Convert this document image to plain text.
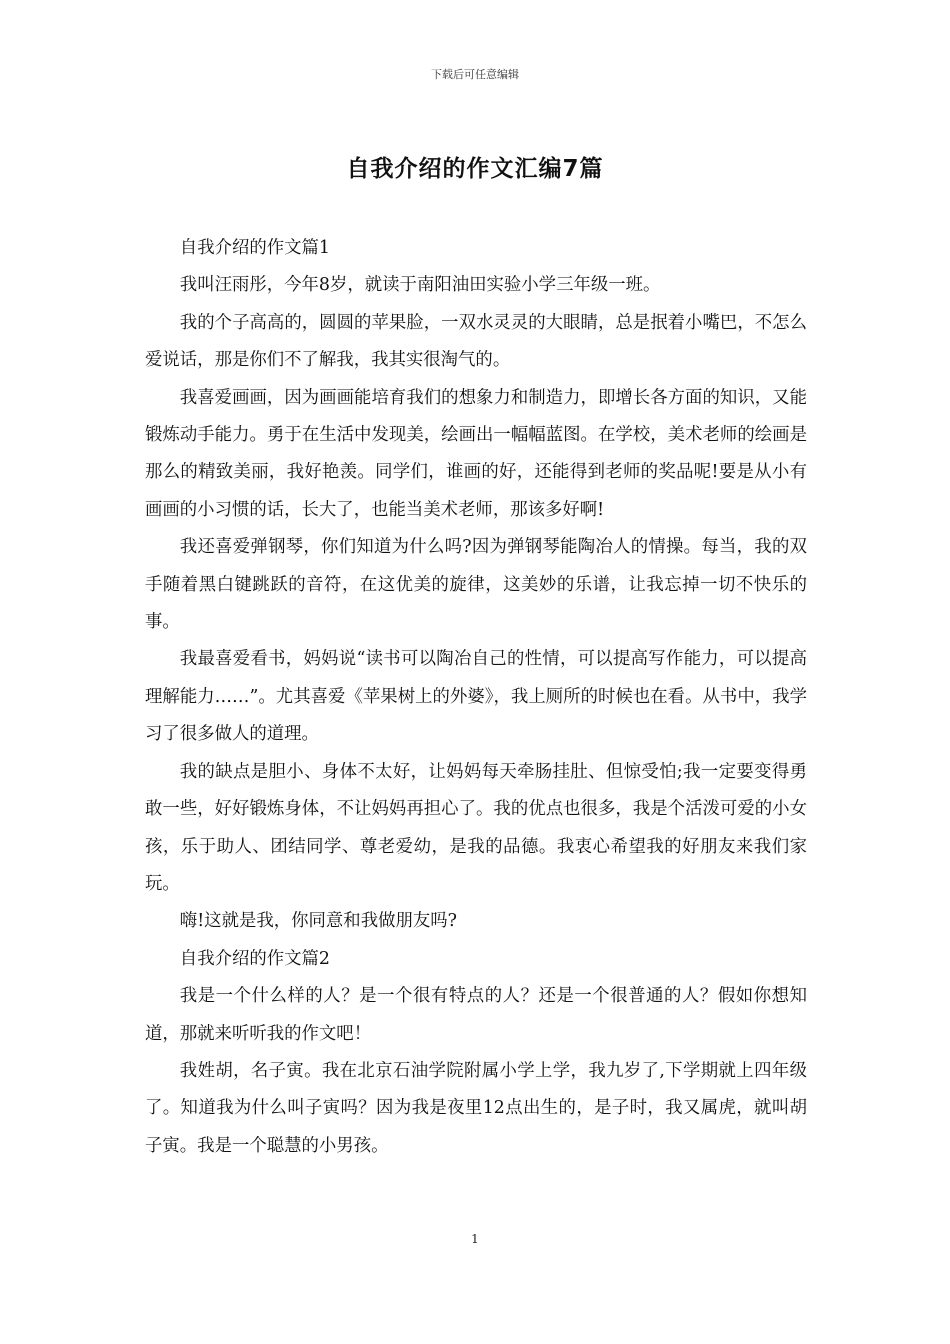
下载后可任意编辑
自我介绍的作文汇编7篇

自我介绍的作文篇1

我叫汪雨彤，今年8岁，就读于南阳油田实验小学三年级一班。

我的个子高高的，圆圆的苹果脸，一双水灵灵的大眼睛，总是抿着小嘴巴，不怎么爱说话，那是你们不了解我，我其实很淘气的。

我喜爱画画，因为画画能培育我们的想象力和制造力，即增长各方面的知识，又能锻炼动手能力。勇于在生活中发现美，绘画出一幅幅蓝图。在学校，美术老师的绘画是那么的精致美丽，我好艳羡。同学们，谁画的好，还能得到老师的奖品呢!要是从小有画画的小习惯的话，长大了，也能当美术老师，那该多好啊!

我还喜爱弹钢琴，你们知道为什么吗?因为弹钢琴能陶冶人的情操。每当，我的双手随着黑白键跳跃的音符，在这优美的旋律，这美妙的乐谱，让我忘掉一切不快乐的事。

我最喜爱看书，妈妈说“读书可以陶冶自己的性情，可以提高写作能力，可以提高理解能力……”。尤其喜爱《苹果树上的外婆》，我上厕所的时候也在看。从书中，我学习了很多做人的道理。

我的缺点是胆小、身体不太好，让妈妈每天牵肠挂肚、但惊受怕;我一定要变得勇敢一些，好好锻炼身体，不让妈妈再担心了。我的优点也很多，我是个活泼可爱的小女孩，乐于助人、团结同学、尊老爱幼，是我的品德。我衷心希望我的好朋友来我们家玩。

嗨!这就是我，你同意和我做朋友吗?

自我介绍的作文篇2

我是一个什么样的人？是一个很有特点的人？还是一个很普通的人？假如你想知道，那就来听听我的作文吧！

我姓胡，名子寅。我在北京石油学院附属小学上学，我九岁了,下学期就上四年级了。知道我为什么叫子寅吗？因为我是夜里12点出生的，是子时，我又属虎，就叫胡子寅。我是一个聪慧的小男孩。

1
